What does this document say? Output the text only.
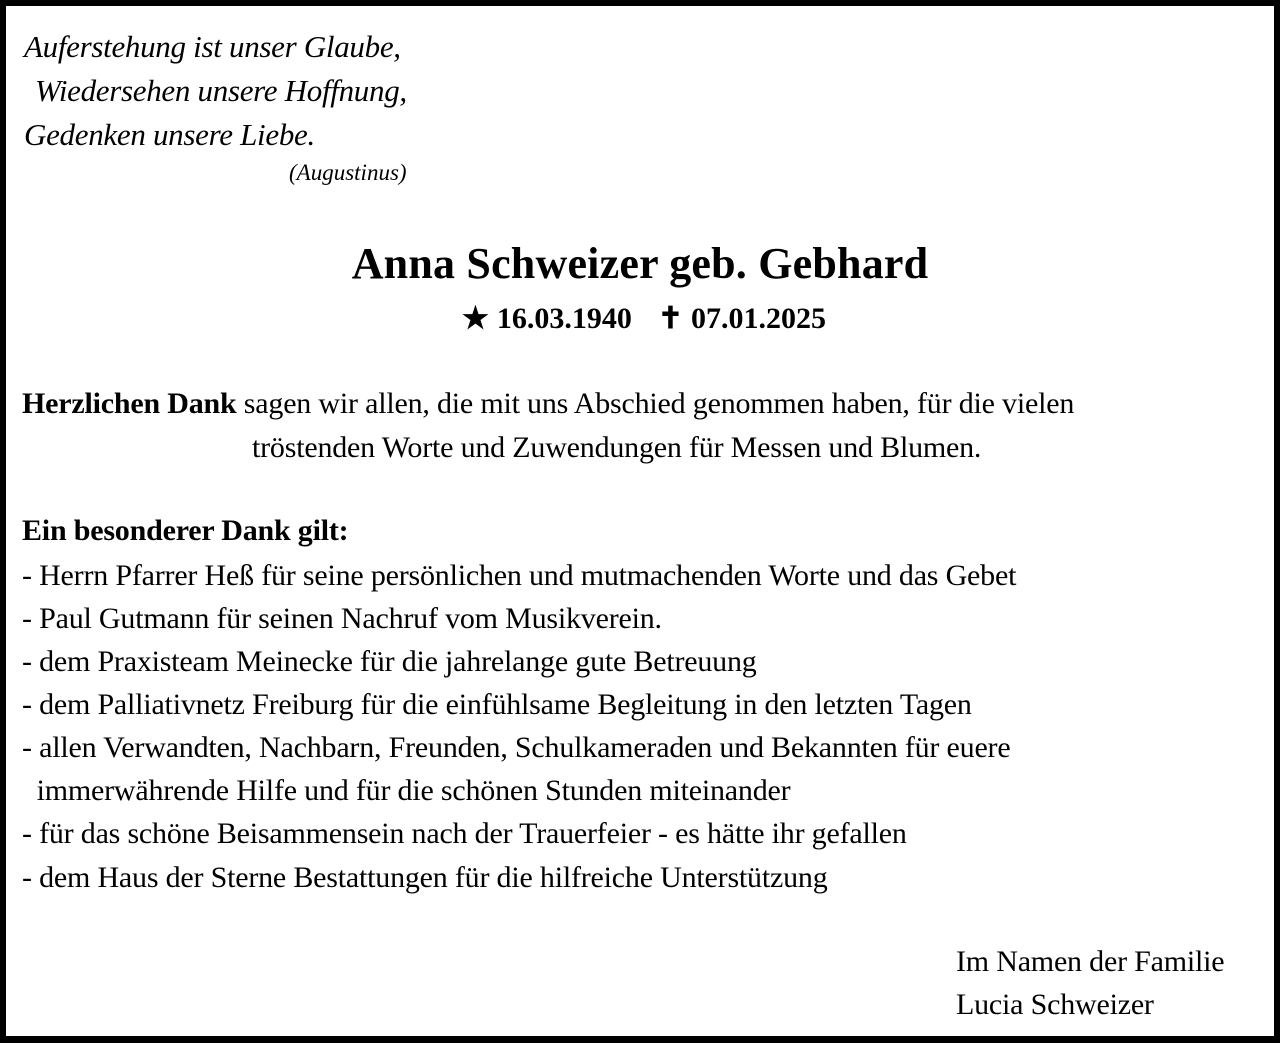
Auferstehung ist unser Glaube,
Wiedersehen unsere Hoffnung,
Gedenken unsere Liebe.
(Augustinus)
Anna Schweizer geb. Gebhard
★ 16.03.1940 ✝ 07.01.2025
Herzlichen Dank sagen wir allen, die mit uns Abschied genommen haben, für die vielen
tröstenden Worte und Zuwendungen für Messen und Blumen.
Ein besonderer Dank gilt:
- Herrn Pfarrer Heß für seine persönlichen und mutmachenden Worte und das Gebet
- Paul Gutmann für seinen Nachruf vom Musikverein.
- dem Praxisteam Meinecke für die jahrelange gute Betreuung
- dem Palliativnetz Freiburg für die einfühlsame Begleitung in den letzten Tagen
- allen Verwandten, Nachbarn, Freunden, Schulkameraden und Bekannten für euere
immerwährende Hilfe und für die schönen Stunden miteinander
- für das schöne Beisammensein nach der Trauerfeier - es hätte ihr gefallen
- dem Haus der Sterne Bestattungen für die hilfreiche Unterstützung
Im Namen der Familie
Lucia Schweizer
